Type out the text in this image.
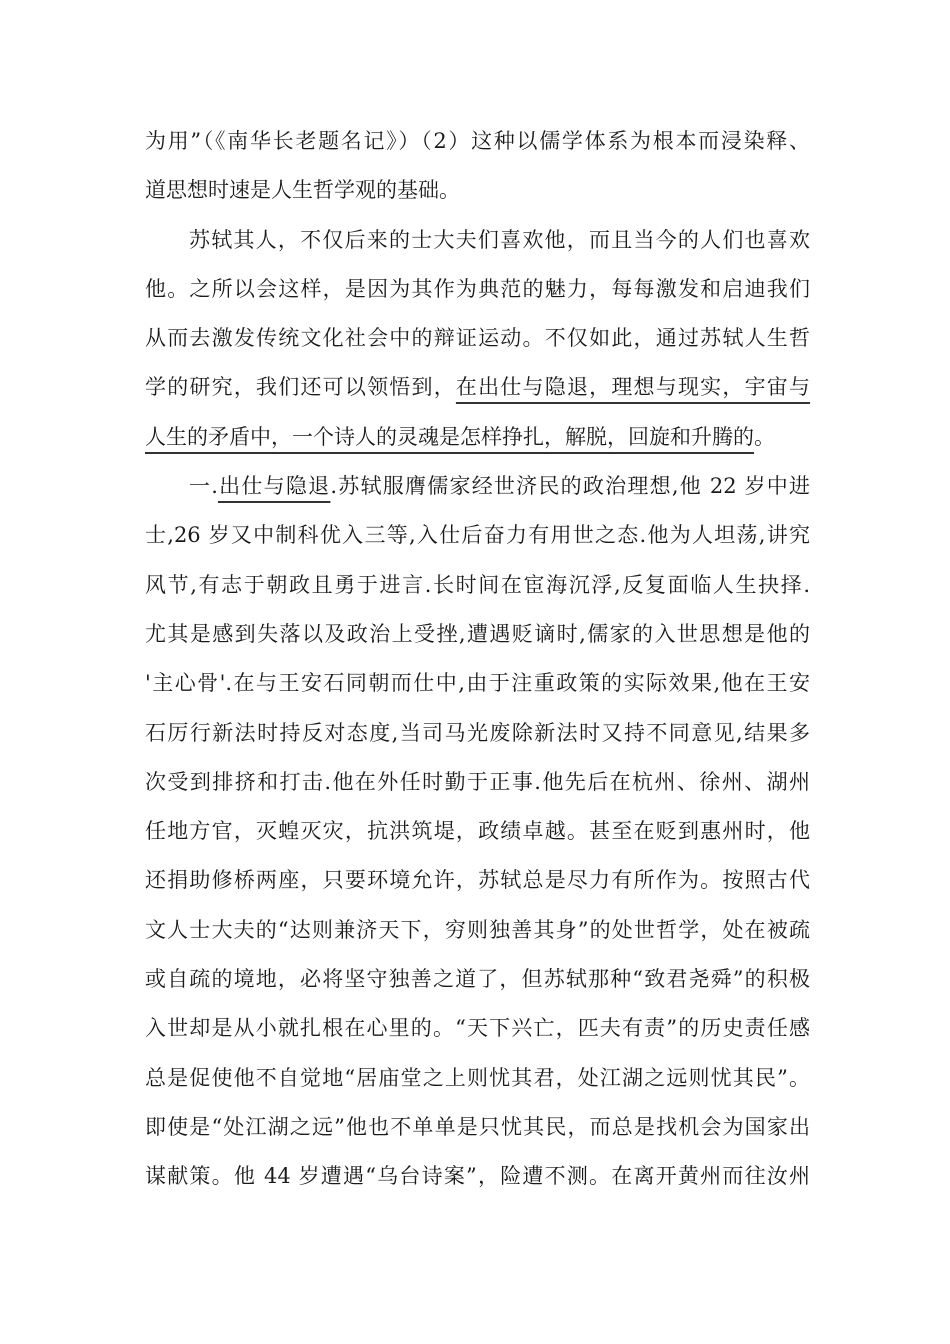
为用”（《南华长老题名记》）（2）这种以儒学体系为根本而浸染释、
道思想时速是人生哲学观的基础。
苏轼其人，不仅后来的士大夫们喜欢他，而且当今的人们也喜欢
他。之所以会这样，是因为其作为典范的魅力，每每激发和启迪我们
从而去激发传统文化社会中的辩证运动。不仅如此，通过苏轼人生哲
学的研究，我们还可以领悟到，在出仕与隐退，理想与现实，宇宙与
人生的矛盾中，一个诗人的灵魂是怎样挣扎，解脱，回旋和升腾的。
一.出仕与隐退.苏轼服膺儒家经世济民的政治理想,他 22 岁中进
士,26 岁又中制科优入三等,入仕后奋力有用世之态.他为人坦荡,讲究
风节,有志于朝政且勇于进言.长时间在宦海沉浮,反复面临人生抉择.
尤其是感到失落以及政治上受挫,遭遇贬谪时,儒家的入世思想是他的
'主心骨'.在与王安石同朝而仕中,由于注重政策的实际效果,他在王安
石厉行新法时持反对态度,当司马光废除新法时又持不同意见,结果多
次受到排挤和打击.他在外任时勤于正事.他先后在杭州、徐州、湖州
任地方官，灭蝗灭灾，抗洪筑堤，政绩卓越。甚至在贬到惠州时，他
还捐助修桥两座，只要环境允许，苏轼总是尽力有所作为。按照古代
文人士大夫的“达则兼济天下，穷则独善其身”的处世哲学，处在被疏
或自疏的境地，必将坚守独善之道了，但苏轼那种“致君尧舜”的积极
入世却是从小就扎根在心里的。“天下兴亡，匹夫有责”的历史责任感
总是促使他不自觉地“居庙堂之上则忧其君，处江湖之远则忧其民”。
即使是“处江湖之远”他也不单单是只忧其民，而总是找机会为国家出
谋献策。他 44 岁遭遇“乌台诗案”，险遭不测。在离开黄州而往汝州
